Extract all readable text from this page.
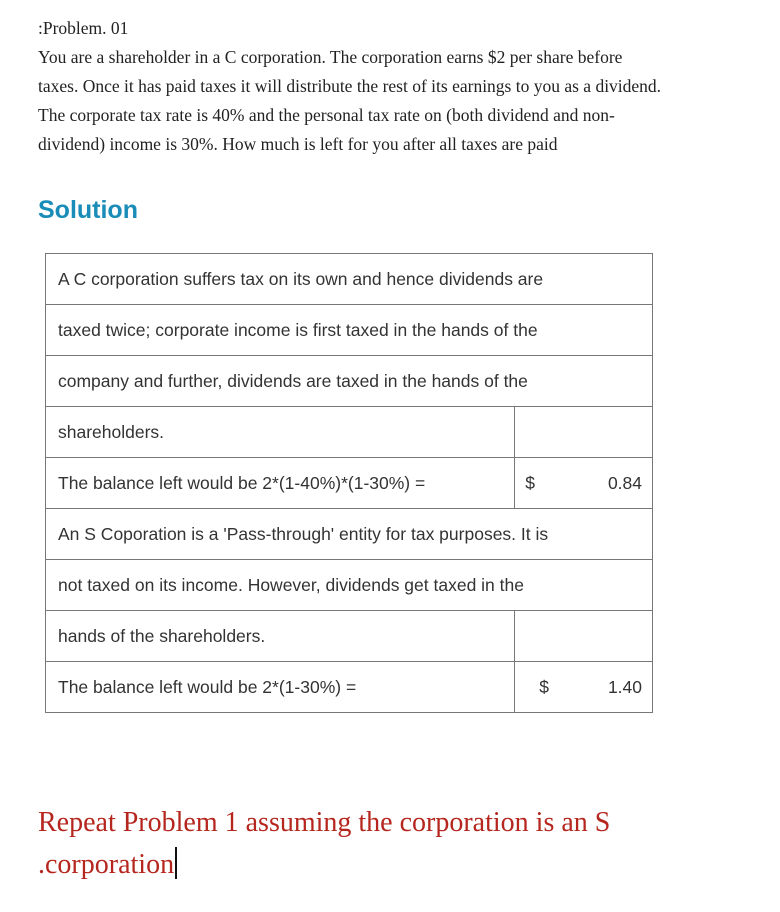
:Problem. 01
You are a shareholder in a C corporation. The corporation earns $2 per share before
taxes. Once it has paid taxes it will distribute the rest of its earnings to you as a dividend.
The corporate tax rate is 40% and the personal tax rate on (both dividend and non-
dividend) income is 30%. How much is left for you after all taxes are paid
Solution
A C corporation suffers tax on its own and hence dividends are	
taxed twice; corporate income is first taxed in the hands of the	
company and further, dividends are taxed in the hands of the	
shareholders.	
The balance left would be 2*(1-40%)*(1-30%) =	$ 0.84

An S Coporation is a 'Pass-through' entity for tax purposes. It is	
not taxed on its income. However, dividends get taxed in the	
hands of the shareholders.	
The balance left would be 2*(1-30%) =	$ 1.40
Repeat Problem 1 assuming the corporation is an S
.corporation
